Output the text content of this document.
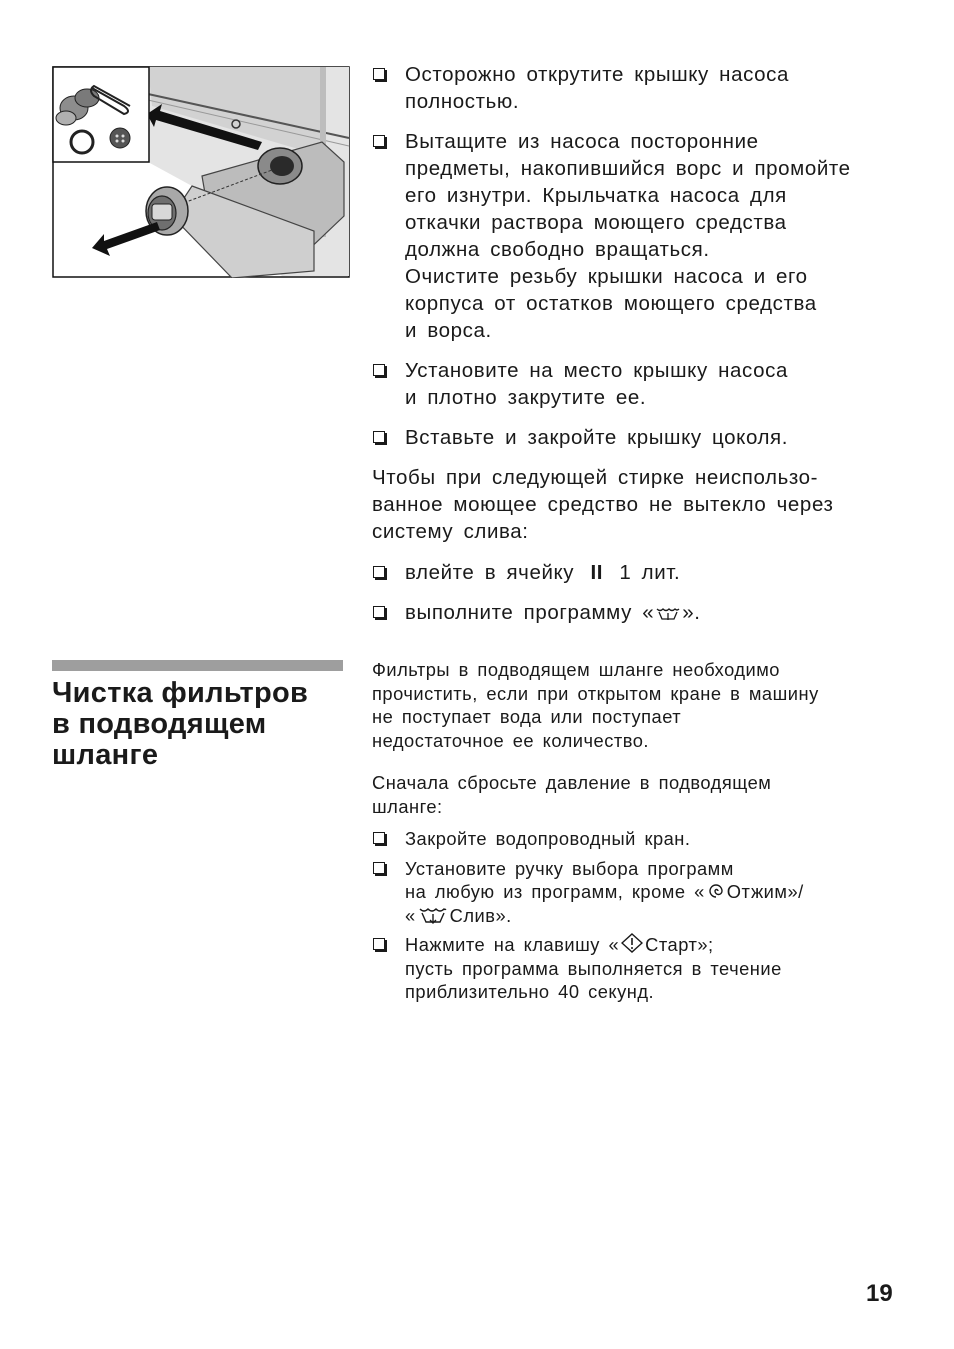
Осторожно открутите крышку насоса
полностью.
Вытащите из насоса посторонние
предметы, накопившийся ворс и промойте
его изнутри. Крыльчатка насоса для
откачки раствора моющего средства
должна свободно вращаться.
Очистите резьбу крышки насоса и его
корпуса от остатков моющего средства
и ворса.
Установите на место крышку насоса
и плотно закрутите ее.
Вставьте и закройте крышку цоколя.
Чтобы при следующей стирке неиспользо-
ванное моющее средство не вытекло через
систему слива:
влейте в ячейку II 1 лит.
выполните программу « ».
Чистка фильтров
в подводящем
шланге
Фильтры в подводящем шланге необходимо
прочистить, если при открытом кране в машину
не поступает вода или поступает
недостаточное ее количество.
Сначала сбросьте давление в подводящем
шланге:
Закройте водопроводный кран.
Установите ручку выбора программ
на любую из программ, кроме « Отжим»/
« Слив».
Нажмите на клавишу « Старт»;
пусть программа выполняется в течение
приблизительно 40 секунд.
19
